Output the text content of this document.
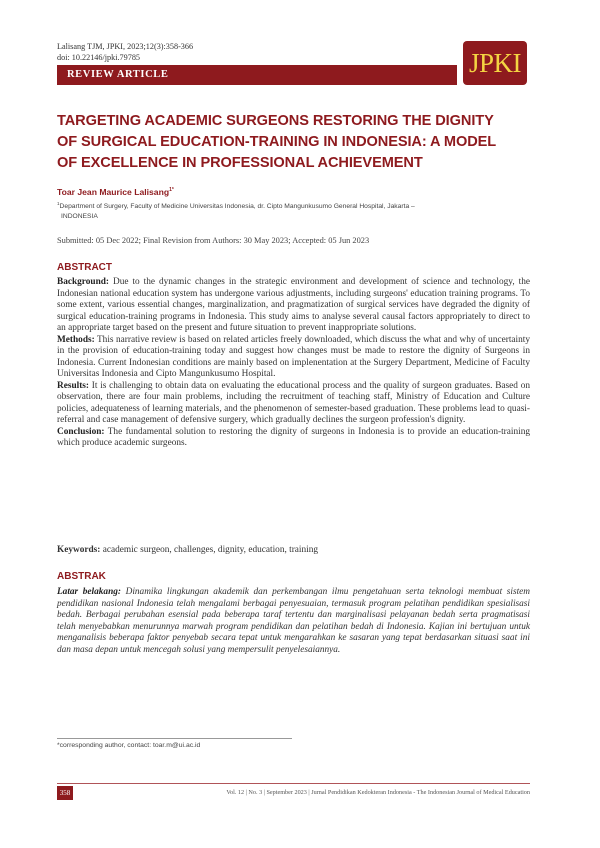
Lalisang TJM, JPKI, 2023;12(3):358-366
doi: 10.22146/jpki.79785
REVIEW ARTICLE	JPKI
TARGETING ACADEMIC SURGEONS RESTORING THE DIGNITY
OF SURGICAL EDUCATION-TRAINING IN INDONESIA: A MODEL
OF EXCELLENCE IN PROFESSIONAL ACHIEVEMENT
Toar Jean Maurice Lalisang$^{1*}$
$^1$Department of Surgery, Faculty of Medicine Universitas Indonesia, dr. Cipto Mangunkusumo General Hospital, Jakarta –
INDONESIA
Submitted: 05 Dec 2022; Final Revision from Authors: 30 May 2023; Accepted: 05 Jun 2023
ABSTRACT

Background: Due to the dynamic changes in the strategic environment and development of science and technology, the Indonesian national education system has undergone various adjustments, including surgeons' education training programs. To some extent, various essential changes, marginalization, and pragmatization of surgical services have degraded the dignity of surgical education-training programs in Indonesia. This study aims to analyse several causal factors appropriately to direct to an appropriate target based on the present and future situation to prevent inappropriate solutions.

Methods: This narrative review is based on related articles freely downloaded, which discuss the what and why of uncertainty in the provision of education-training today and suggest how changes must be made to restore the dignity of Surgeons in Indonesia. Current Indonesian conditions are mainly based on implenentation at the Surgery Department, Medicine of Faculty Universitas Indonesia and Cipto Mangunkusumo Hospital.

Results: It is challenging to obtain data on evaluating the educational process and the quality of surgeon graduates. Based on observation, there are four main problems, including the recruitment of teaching staff, Ministry of Education and Culture policies, adequateness of learning materials, and the phenomenon of semester-based graduation. These problems lead to quasi-referral and case management of defensive surgery, which gradually declines the surgeon profession's dignity.

Conclusion: The fundamental solution to restoring the dignity of surgeons in Indonesia is to provide an education-training which produce academic surgeons.

Keywords: academic surgeon, challenges, dignity, education, training
ABSTRAK
Latar belakang: Dinamika lingkungan akademik dan perkembangan ilmu pengetahuan serta teknologi membuat sistem pendidikan nasional Indonesia telah mengalami berbagai penyesuaian, termasuk program pelatihan pendidikan spesialisasi bedah. Berbagai perubahan esensial pada beberapa taraf tertentu dan marginalisasi pelayanan bedah serta pragmatisasi telah menyebabkan menurunnya marwah program pendidikan dan pelatihan bedah di Indonesia. Kajian ini bertujuan untuk menganalisis beberapa faktor penyebab secara tepat untuk mengarahkan ke sasaran yang tepat berdasarkan situasi saat ini dan masa depan untuk mencegah solusi yang mempersulit penyelesaiannya.
*corresponding author, contact: toar.m@ui.ac.id
358	Vol. 12 | No. 3 | September 2023 | Jurnal Pendidikan Kedokteran Indonesia - The Indonesian Journal of Medical Education
